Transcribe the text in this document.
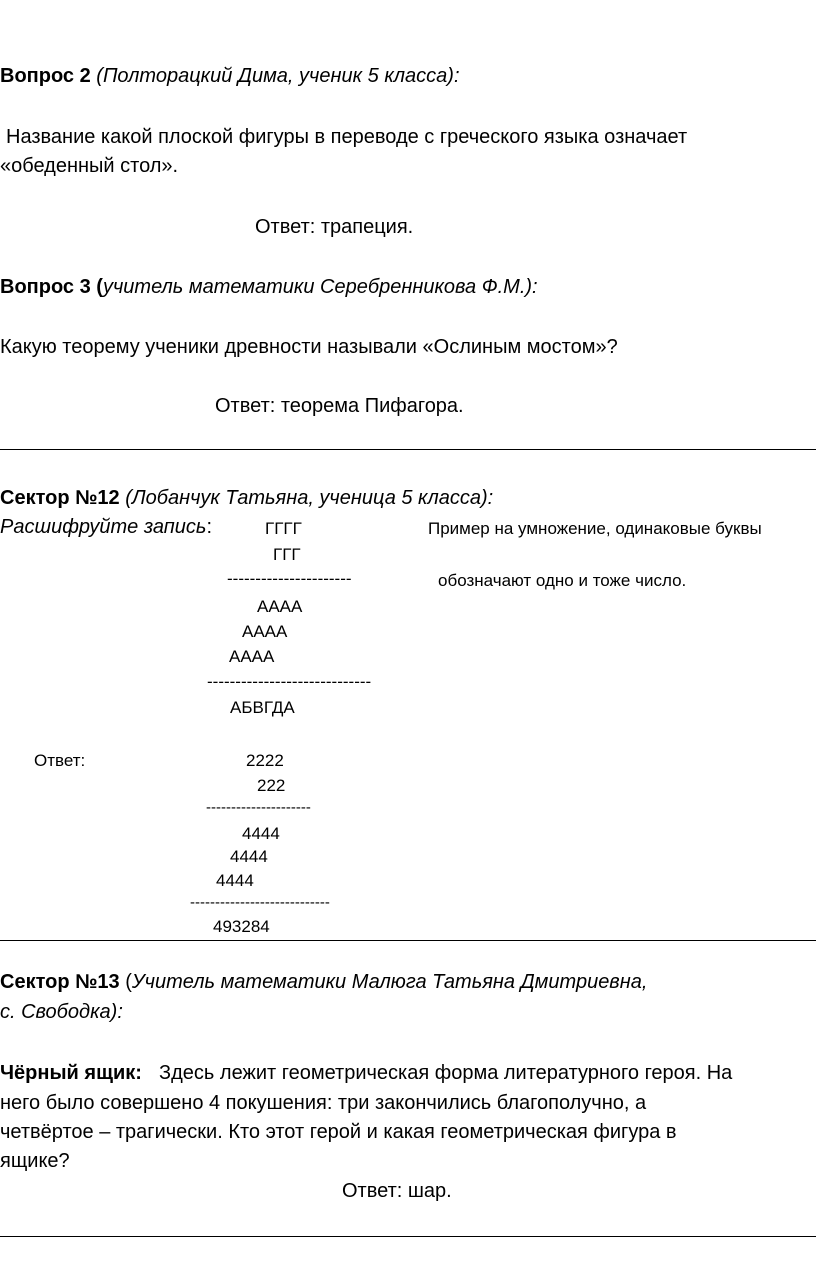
Вопрос 2 (Полторацкий Дима, ученик 5 класса):
Название какой плоской фигуры в переводе с греческого языка означает
«обеденный стол».
Ответ: трапеция.
Вопрос 3 (учитель математики Серебренникова Ф.М.):
Какую теорему ученики древности называли «Ослиным мостом»?
Ответ: теорема Пифагора.
Сектор №12 (Лобанчук Татьяна, ученица 5 класса):
Расшифруйте запись:	ГГГГ
ГГГ
----------------------
АААА
АААА
АААА
-----------------------------
АБВГДА
Пример на умножение, одинаковые буквы
обозначают одно и тоже число.
Ответ:	2222
222
---------------------
4444
4444
4444
----------------------------
493284
Сектор №13 (Учитель математики Малюга Татьяна Дмитриевна,
с. Свободка):
Чёрный ящик: Здесь лежит геометрическая форма литературного героя. На
него было совершено 4 покушения: три закончились благополучно, а
четвёртое – трагически. Кто этот герой и какая геометрическая фигура в
ящике?
Ответ: шар.
